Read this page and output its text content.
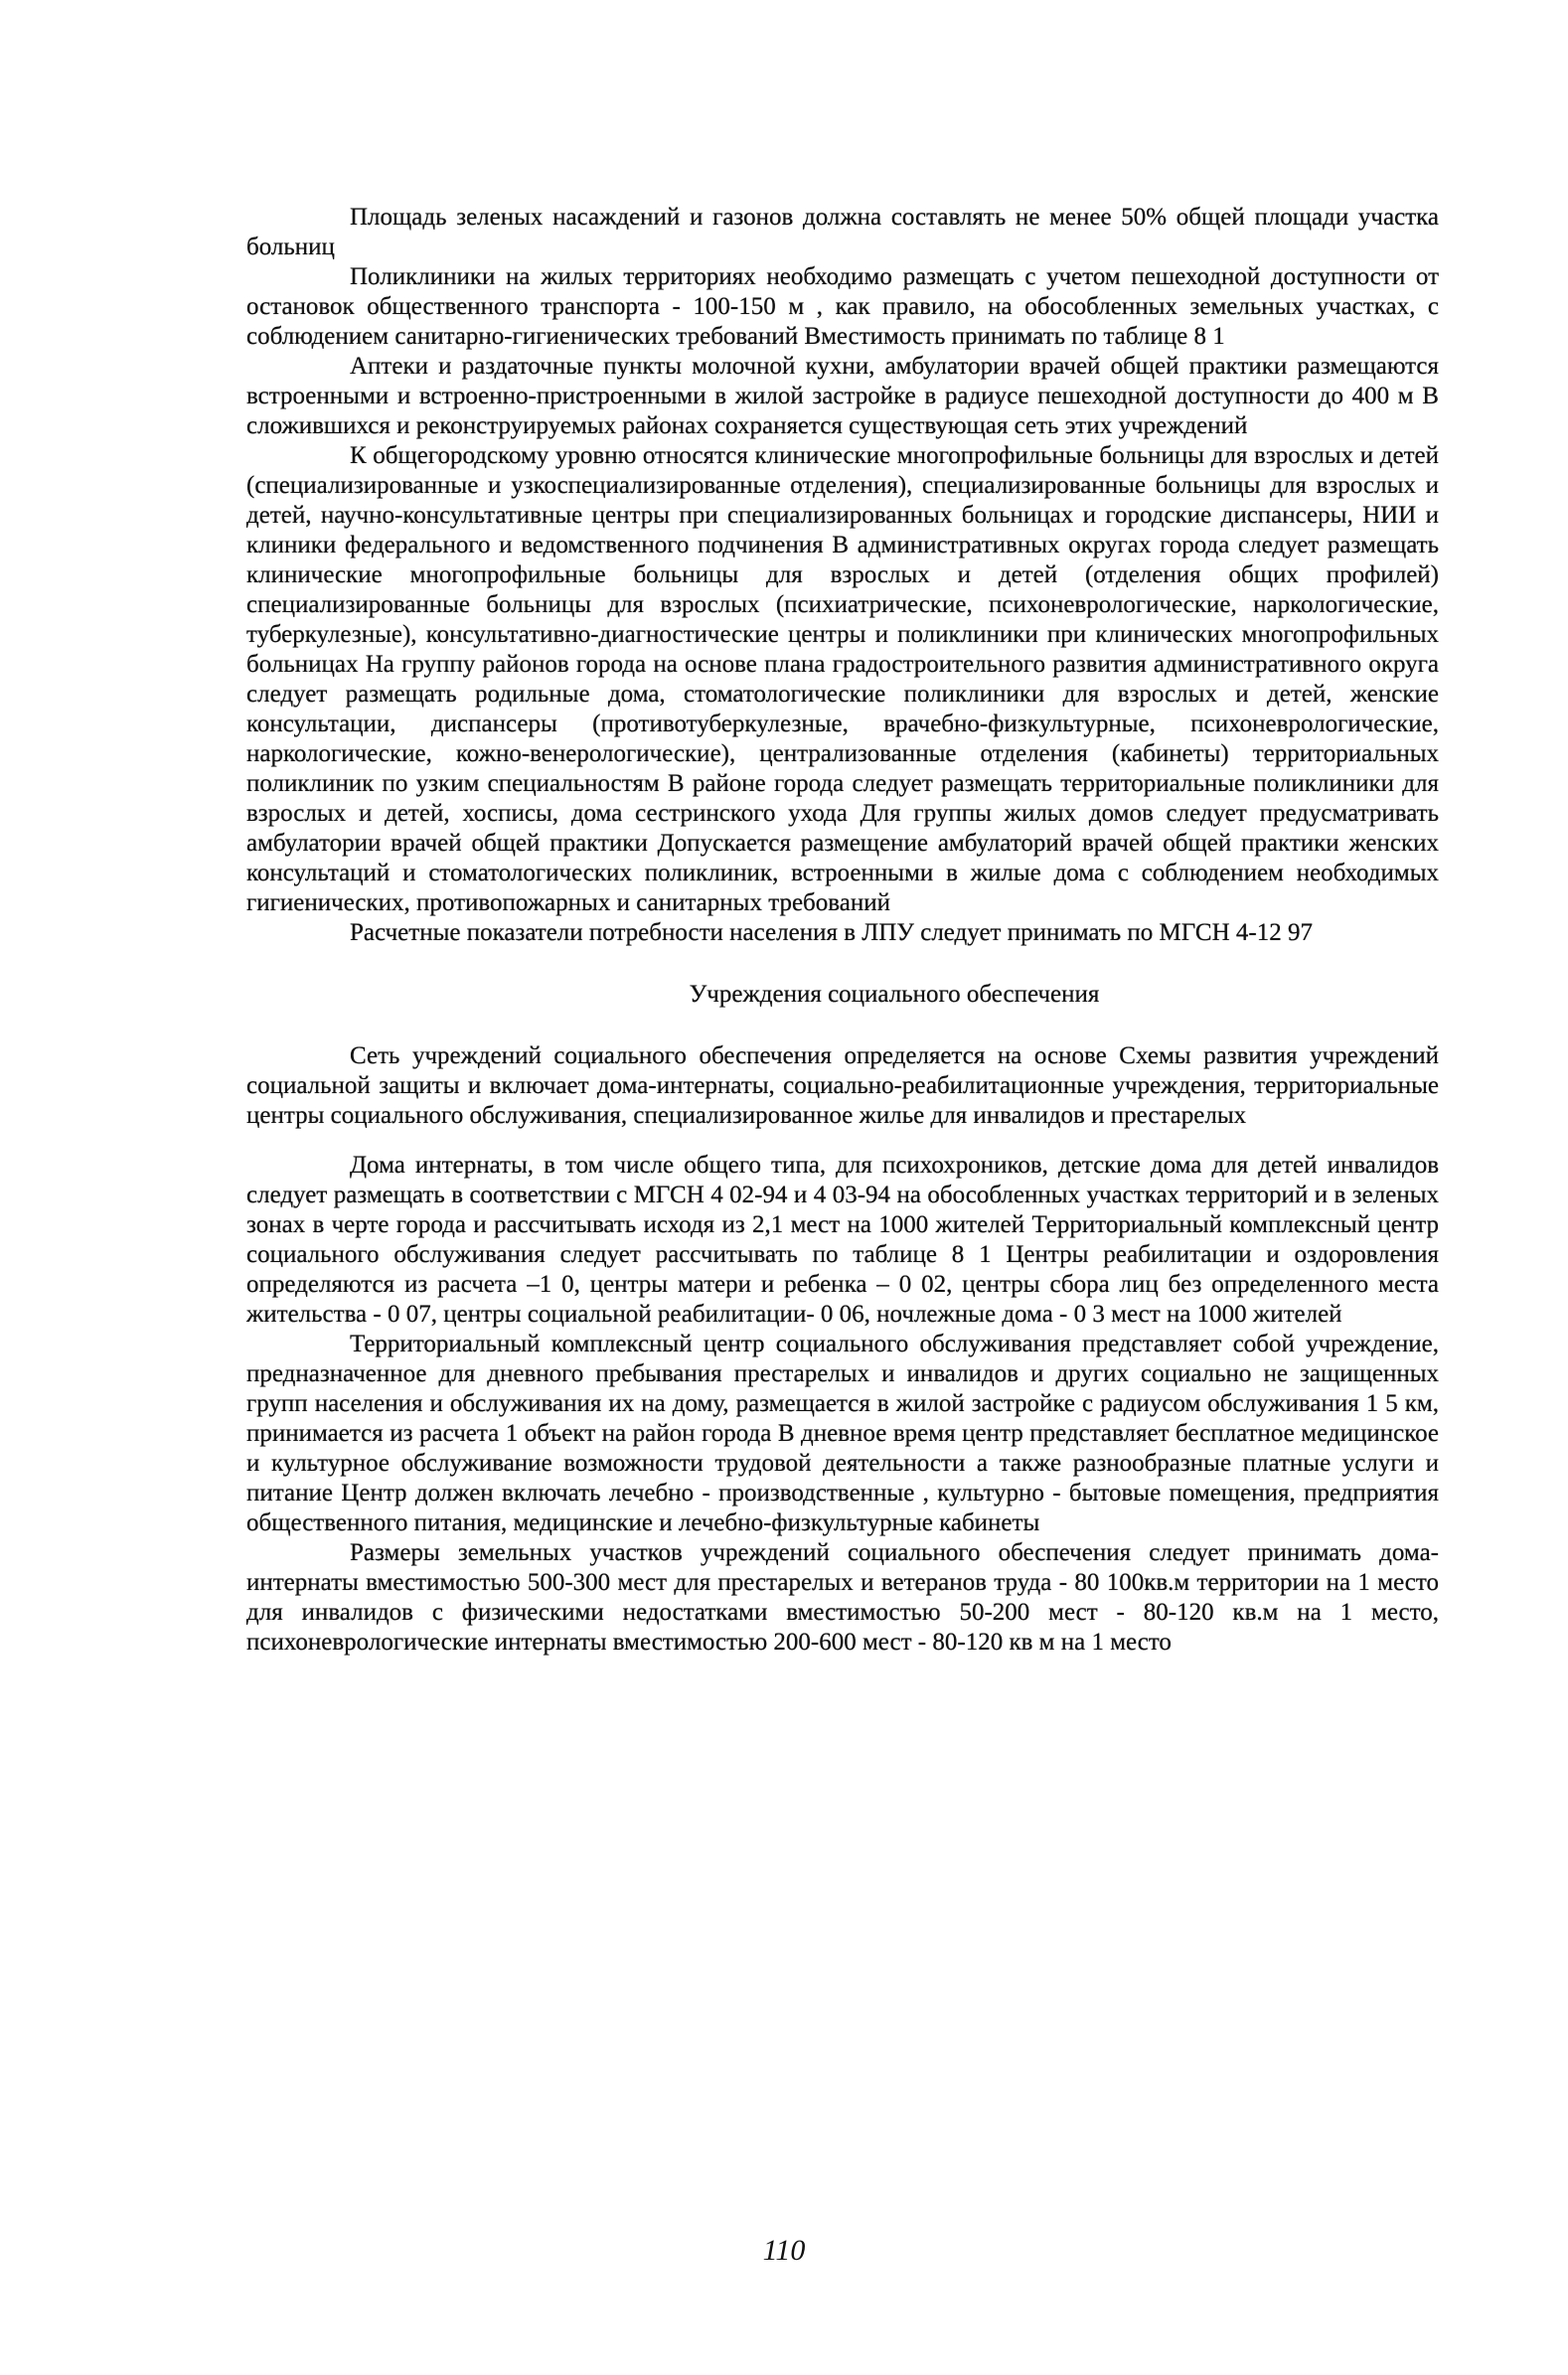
Площадь зеленых насаждений и газонов должна составлять не менее 50% общей площади участка больниц

Поликлиники на жилых территориях необходимо размещать с учетом пешеходной доступности от остановок общественного транспорта - 100-150 м , как правило, на обособленных земельных участках, с соблюдением санитарно-гигиенических требований Вместимость принимать по таблице 8 1

Аптеки и раздаточные пункты молочной кухни, амбулатории врачей общей практики размещаются встроенными и встроенно-пристроенными в жилой застройке в радиусе пешеходной доступности до 400 м В сложившихся и реконструируемых районах сохраняется существующая сеть этих учреждений

К общегородскому уровню относятся клинические многопрофильные больницы для взрослых и детей (специализированные и узкоспециализированные отделения), специализированные больницы для взрослых и детей, научно-консультативные центры при специализированных больницах и городские диспансеры, НИИ и клиники федерального и ведомственного подчинения В административных округах города следует размещать клинические многопрофильные больницы для взрослых и детей (отделения общих профилей) специализированные больницы для взрослых (психиатрические, психоневрологические, наркологические, туберкулезные), консультативно-диагностические центры и поликлиники при клинических многопрофильных больницах На группу районов города на основе плана градостроительного развития административного округа следует размещать родильные дома, стоматологические поликлиники для взрослых и детей, женские консультации, диспансеры (противотуберкулезные, врачебно-физкультурные, психоневрологические, наркологические, кожно-венерологические), централизованные отделения (кабинеты) территориальных поликлиник по узким специальностям В районе города следует размещать территориальные поликлиники для взрослых и детей, хосписы, дома сестринского ухода Для группы жилых домов следует предусматривать амбулатории врачей общей практики Допускается размещение амбулаторий врачей общей практики женских консультаций и стоматологических поликлиник, встроенными в жилые дома с соблюдением необходимых гигиенических, противопожарных и санитарных требований

Расчетные показатели потребности населения в ЛПУ следует принимать по МГСН 4-12 97

Учреждения социального обеспечения

Сеть учреждений социального обеспечения определяется на основе Схемы развития учреждений социальной защиты и включает дома-интернаты, социально-реабилитационные учреждения, территориальные центры социального обслуживания, специализированное жилье для инвалидов и престарелых

Дома интернаты, в том числе общего типа, для психохроников, детские дома для детей инвалидов следует размещать в соответствии с МГСН 4 02-94 и 4 03-94 на обособленных участках территорий и в зеленых зонах в черте города и рассчитывать исходя из 2,1 мест на 1000 жителей Территориальный комплексный центр социального обслуживания следует рассчитывать по таблице 8 1 Центры реабилитации и оздоровления определяются из расчета –1 0, центры матери и ребенка – 0 02, центры сбора лиц без определенного места жительства - 0 07, центры социальной реабилитации- 0 06, ночлежные дома - 0 3 мест на 1000 жителей

Территориальный комплексный центр социального обслуживания представляет собой учреждение, предназначенное для дневного пребывания престарелых и инвалидов и других социально не защищенных групп населения и обслуживания их на дому, размещается в жилой застройке с радиусом обслуживания 1 5 км, принимается из расчета 1 объект на район города В дневное время центр представляет бесплатное медицинское и культурное обслуживание возможности трудовой деятельности а также разнообразные платные услуги и питание Центр должен включать лечебно - производственные , культурно - бытовые помещения, предприятия общественного питания, медицинские и лечебно-физкультурные кабинеты

Размеры земельных участков учреждений социального обеспечения следует принимать дома-интернаты вместимостью 500-300 мест для престарелых и ветеранов труда - 80 100кв.м территории на 1 место для инвалидов с физическими недостатками вместимостью 50-200 мест - 80-120 кв.м на 1 место, психоневрологические интернаты вместимостью 200-600 мест - 80-120 кв м на 1 место

110
